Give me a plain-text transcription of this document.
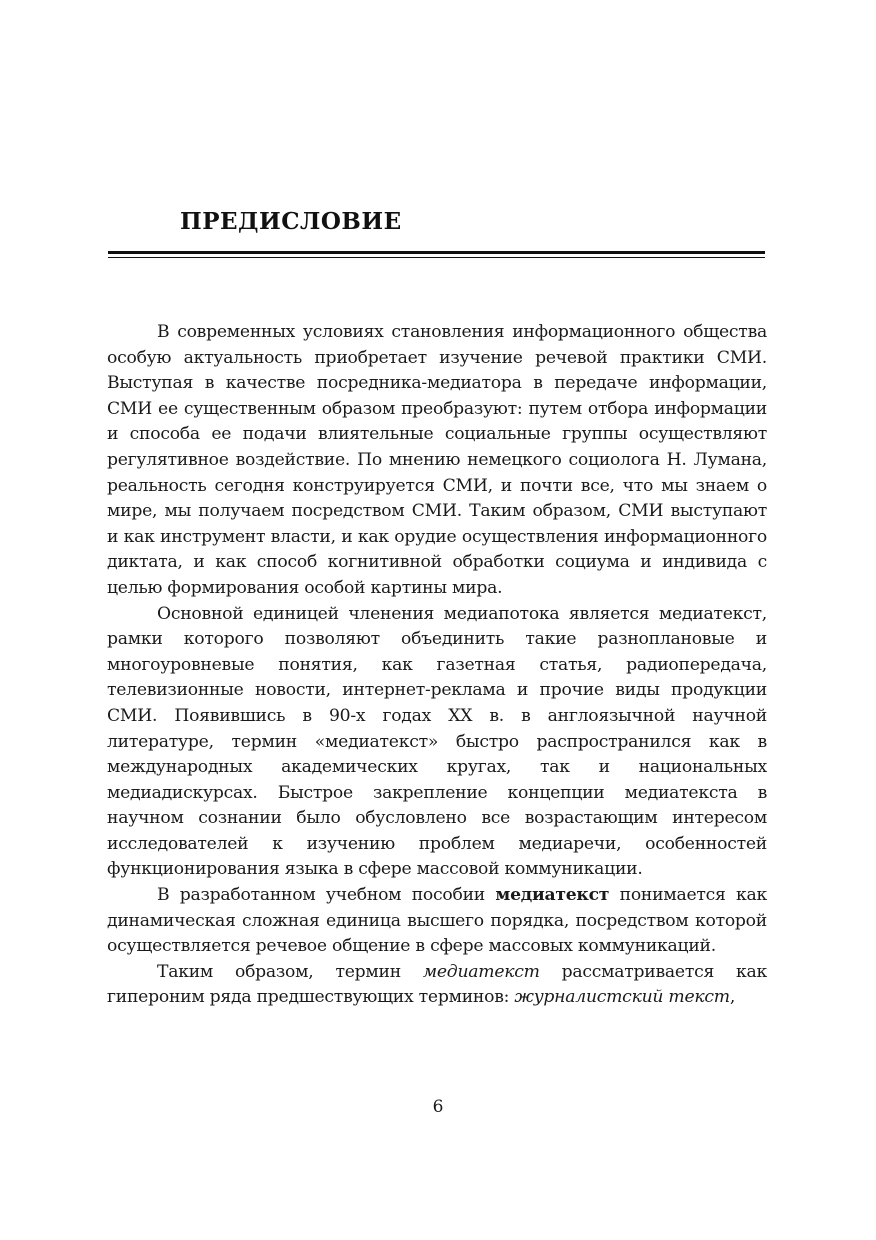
ПРЕДИСЛОВИЕ

В современных условиях становления информационного общества особую актуальность приобретает изучение речевой практики СМИ. Выступая в качестве посредника-медиатора в передаче информации, СМИ ее существенным образом преобразуют: путем отбора информации и способа ее подачи влиятельные социальные группы осуществляют регулятивное воздействие. По мнению немецкого социолога Н. Лумана, реальность сегодня конструируется СМИ, и почти все, что мы знаем о мире, мы получаем посредством СМИ. Таким образом, СМИ выступают и как инструмент власти, и как орудие осуществления информационного диктата, и как способ когнитивной обработки социума и индивида с целью формирования особой картины мира.

Основной единицей членения медиапотока является медиатекст, рамки которого позволяют объединить такие разноплановые и многоуровневые понятия, как газетная статья, радиопередача, телевизионные новости, интернет-реклама и прочие виды продукции СМИ. Появившись в 90-х годах XX в. в англоязычной научной литературе, термин «медиатекст» быстро распространился как в международных академических кругах, так и национальных медиадискурсах. Быстрое закрепление концепции медиатекста в научном сознании было обусловлено все возрастающим интересом исследователей к изучению проблем медиаречи, особенностей функционирования языка в сфере массовой коммуникации.

В разработанном учебном пособии медиатекст понимается как динамическая сложная единица высшего порядка, посредством которой осуществляется речевое общение в сфере массовых коммуникаций.

Таким образом, термин медиатекст рассматривается как гипероним ряда предшествующих терминов: журналистский текст,

6
